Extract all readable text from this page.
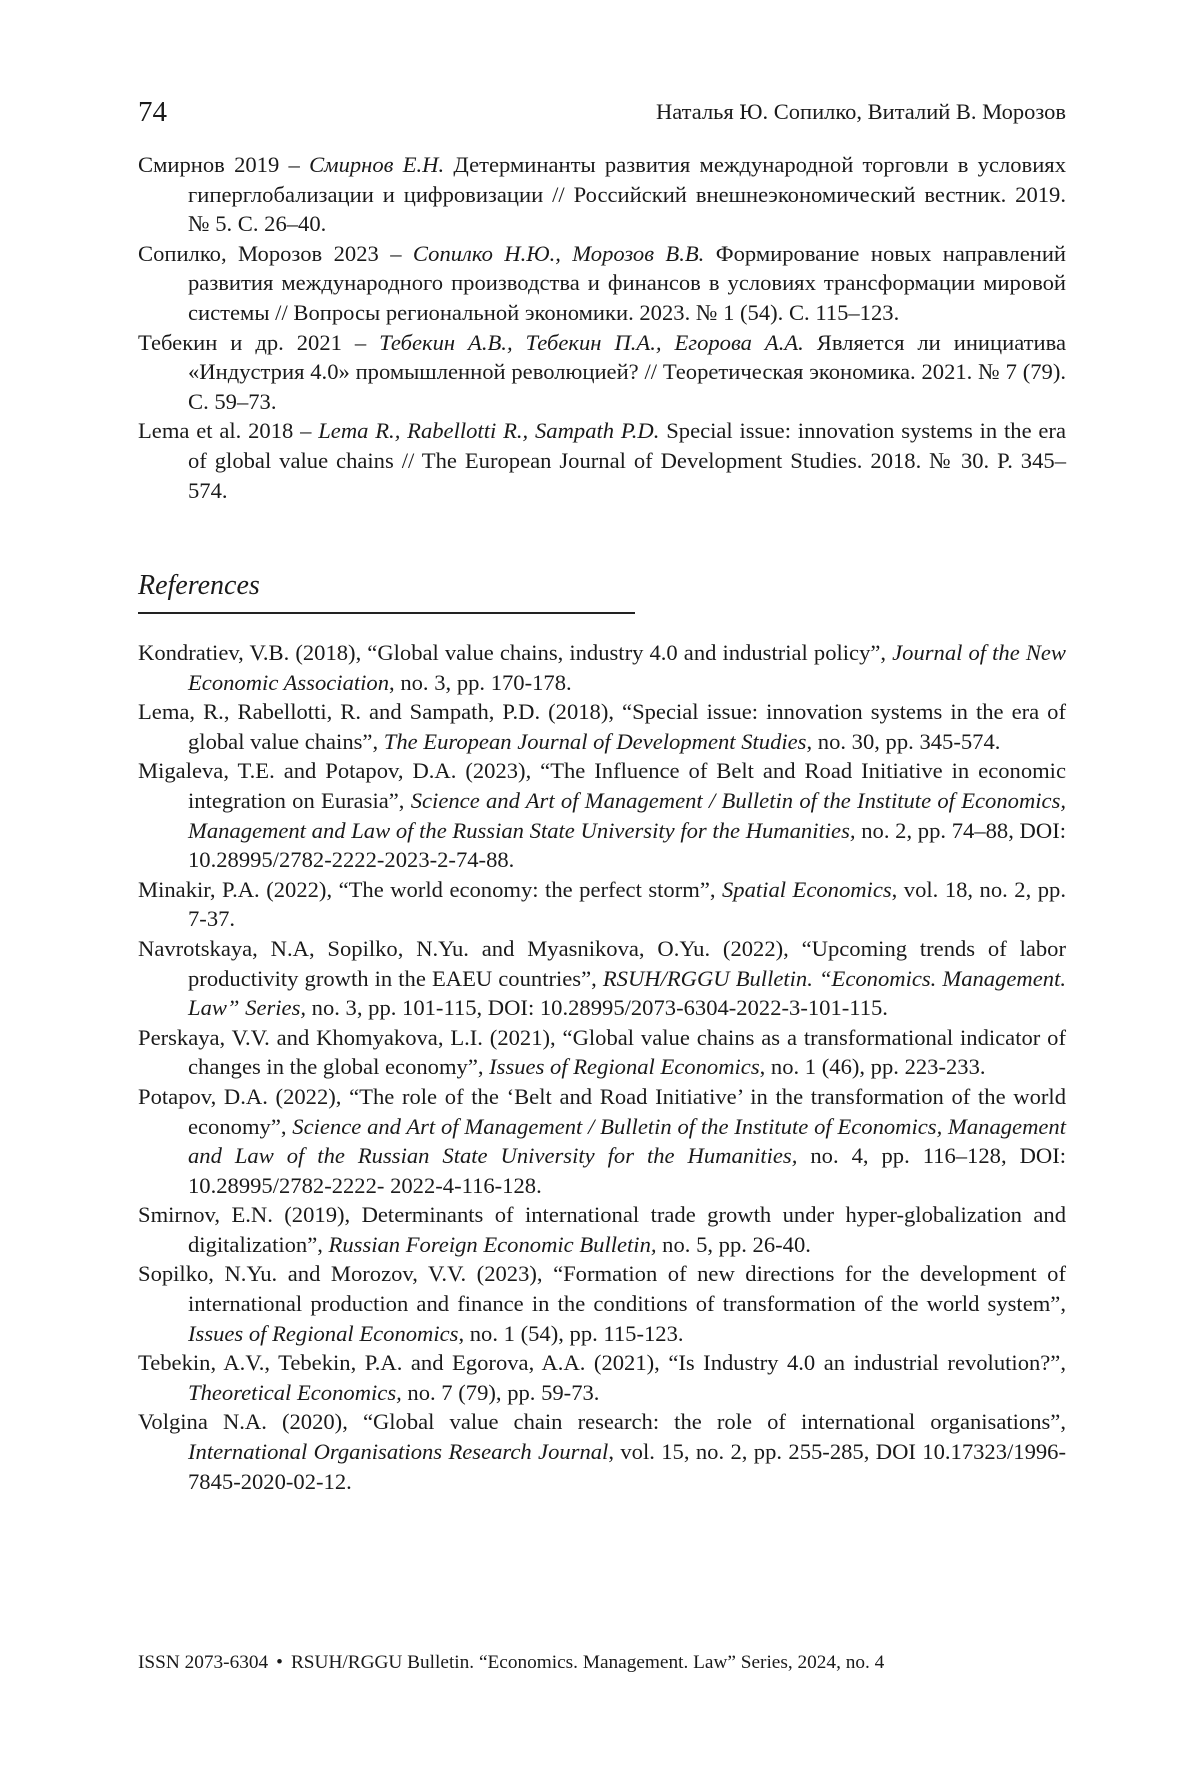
74	Наталья Ю. Сопилко, Виталий В. Морозов

Смирнов 2019 – Смирнов Е.Н. Детерминанты развития международной торговли в условиях гиперглобализации и цифровизации // Российский внешнеэкономический вестник. 2019. № 5. С. 26–40.

Сопилко, Морозов 2023 – Сопилко Н.Ю., Морозов В.В. Формирование новых направлений развития международного производства и финансов в условиях трансформации мировой системы // Вопросы региональной экономики. 2023. № 1 (54). С. 115–123.

Тебекин и др. 2021 – Тебекин А.В., Тебекин П.А., Егорова А.А. Является ли инициатива «Индустрия 4.0» промышленной революцией? // Теоретическая экономика. 2021. № 7 (79). С. 59–73.

Lema et al. 2018 – Lema R., Rabellotti R., Sampath P.D. Special issue: innovation systems in the era of global value chains // The European Journal of Development Studies. 2018. № 30. P. 345–574.

References

Kondratiev, V.B. (2018), “Global value chains, industry 4.0 and industrial policy”, Journal of the New Economic Association, no. 3, pp. 170-178.

Lema, R., Rabellotti, R. and Sampath, P.D. (2018), “Special issue: innovation systems in the era of global value chains”, The European Journal of Development Studies, no. 30, pp. 345-574.

Migaleva, T.E. and Potapov, D.A. (2023), “The Influence of Belt and Road Initiative in economic integration on Eurasia”, Science and Art of Management / Bulletin of the Institute of Economics, Management and Law of the Russian State University for the Humanities, no. 2, pp. 74–88, DOI: 10.28995/2782-2222-2023-2-74-88.

Minakir, P.A. (2022), “The world economy: the perfect storm”, Spatial Economics, vol. 18, no. 2, pp. 7-37.

Navrotskaya, N.A, Sopilko, N.Yu. and Myasnikova, O.Yu. (2022), “Upcoming trends of labor productivity growth in the EAEU countries”, RSUH/RGGU Bulletin. “Economics. Management. Law” Series, no. 3, pp. 101-115, DOI: 10.28995/2073-6304-2022-3-101-115.

Perskaya, V.V. and Khomyakova, L.I. (2021), “Global value chains as a transformational indicator of changes in the global economy”, Issues of Regional Economics, no. 1 (46), pp. 223-233.

Potapov, D.A. (2022), “The role of the ‘Belt and Road Initiative’ in the transformation of the world economy”, Science and Art of Management / Bulletin of the Institute of Economics, Management and Law of the Russian State University for the Humanities, no. 4, pp. 116–128, DOI: 10.28995/2782-2222- 2022-4-116-128.

Smirnov, E.N. (2019), Determinants of international trade growth under hyper-globalization and digitalization”, Russian Foreign Economic Bulletin, no. 5, pp. 26-40.

Sopilko, N.Yu. and Morozov, V.V. (2023), “Formation of new directions for the development of international production and finance in the conditions of transformation of the world system”, Issues of Regional Economics, no. 1 (54), pp. 115-123.

Tebekin, A.V., Tebekin, P.A. and Egorova, A.A. (2021), “Is Industry 4.0 an industrial revolution?”, Theoretical Economics, no. 7 (79), pp. 59-73.

Volgina N.A. (2020), “Global value chain research: the role of international organisations”, International Organisations Research Journal, vol. 15, no. 2, pp. 255-285, DOI 10.17323/1996-7845-2020-02-12.

ISSN 2073-6304 • RSUH/RGGU Bulletin. “Economics. Management. Law” Series, 2024, no. 4
